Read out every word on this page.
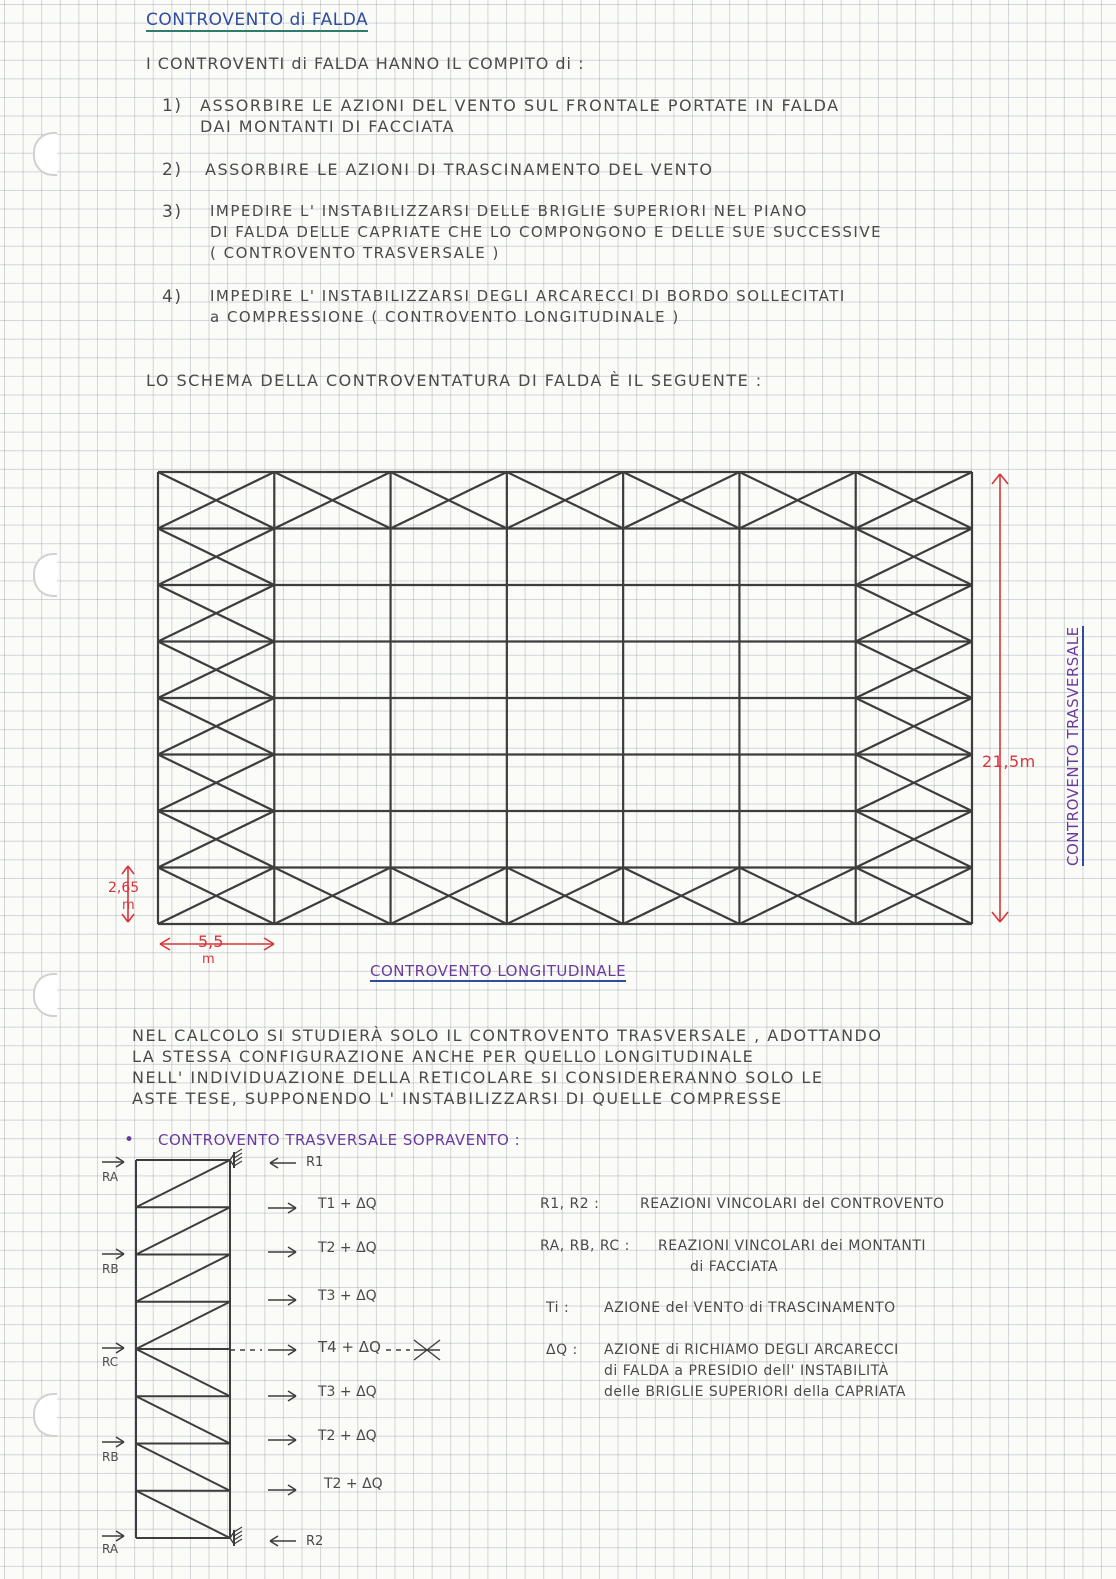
CONTROVENTO di FALDA
I CONTROVENTI di FALDA HANNO IL COMPITO di :
1) ASSORBIRE LE AZIONI DEL VENTO SUL FRONTALE PORTATE IN FALDA
DAI MONTANTI DI FACCIATA
2) ASSORBIRE LE AZIONI DI TRASCINAMENTO DEL VENTO
3) IMPEDIRE L' INSTABILIZZARSI DELLE BRIGLIE SUPERIORI NEL PIANO
DI FALDA DELLE CAPRIATE CHE LO COMPONGONO E DELLE SUE SUCCESSIVE
( CONTROVENTO TRASVERSALE )
4) IMPEDIRE L' INSTABILIZZARSI DEGLI ARCARECCI DI BORDO SOLLECITATI
a COMPRESSIONE ( CONTROVENTO LONGITUDINALE )
LO SCHEMA DELLA CONTROVENTATURA DI FALDA È IL SEGUENTE :
21,5m CONTROVENTO TRASVERSALE
2,65
m
5,5
m
CONTROVENTO LONGITUDINALE
NEL CALCOLO SI STUDIERÀ SOLO IL CONTROVENTO TRASVERSALE , ADOTTANDO
LA STESSA CONFIGURAZIONE ANCHE PER QUELLO LONGITUDINALE
NELL' INDIVIDUAZIONE DELLA RETICOLARE SI CONSIDERERANNO SOLO LE
ASTE TESE, SUPPONENDO L' INSTABILIZZARSI DI QUELLE COMPRESSE
• CONTROVENTO TRASVERSALE SOPRAVENTO :
R1
R2
RA
RB
RC
RB
RA
T1 + ΔQ
T2 + ΔQ
T3 + ΔQ
T4 + ΔQ
T3 + ΔQ
T2 + ΔQ
T2 + ΔQ
R1, R2 :	REAZIONI VINCOLARI del CONTROVENTO
RA, RB, RC : REAZIONI VINCOLARI dei MONTANTI
di FACCIATA
Ti : AZIONE del VENTO di TRASCINAMENTO
ΔQ : AZIONE di RICHIAMO DEGLI ARCARECCI
di FALDA a PRESIDIO dell' INSTABILITÀ
delle BRIGLIE SUPERIORI della CAPRIATA
